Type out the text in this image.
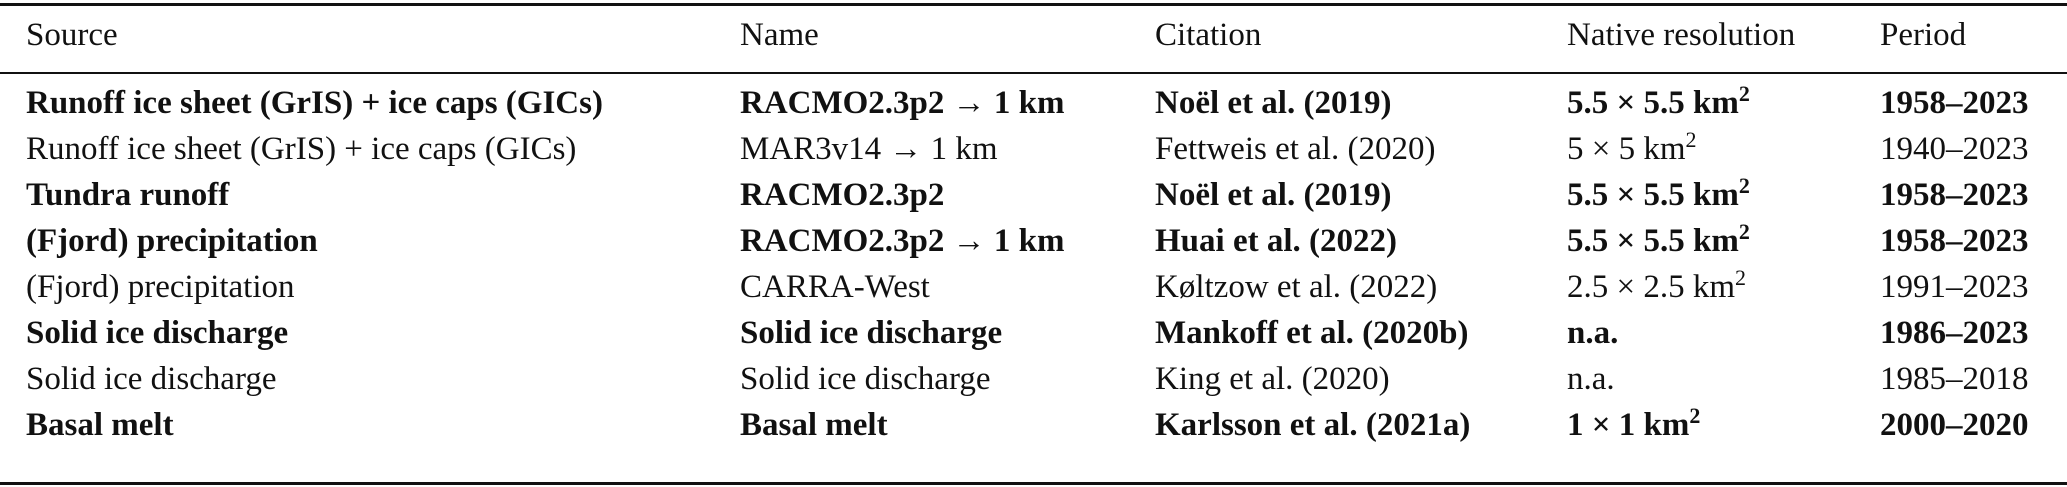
Source	Name	Citation	Native resolution	Period
Runoff ice sheet (GrIS) + ice caps (GICs)	RACMO2.3p2 → 1 km	Noël et al. (2019)	5.5 × 5.5 $km^2$	1958–2023
Runoff ice sheet (GrIS) + ice caps (GICs)	MAR3v14 → 1 km	Fettweis et al. (2020)	5 × 5 $km^2$	1940–2023
Tundra runoff	RACMO2.3p2	Noël et al. (2019)	5.5 × 5.5 $km^2$	1958–2023
(Fjord) precipitation	RACMO2.3p2 → 1 km	Huai et al. (2022)	5.5 × 5.5 $km^2$	1958–2023
(Fjord) precipitation	CARRA-West	Køltzow et al. (2022)	2.5 × 2.5 $km^2$	1991–2023
Solid ice discharge	Solid ice discharge	Mankoff et al. (2020b)	n.a.	1986–2023
Solid ice discharge	Solid ice discharge	King et al. (2020)	n.a.	1985–2018
Basal melt	Basal melt	Karlsson et al. (2021a)	1 × 1 $km^2$	2000–2020
